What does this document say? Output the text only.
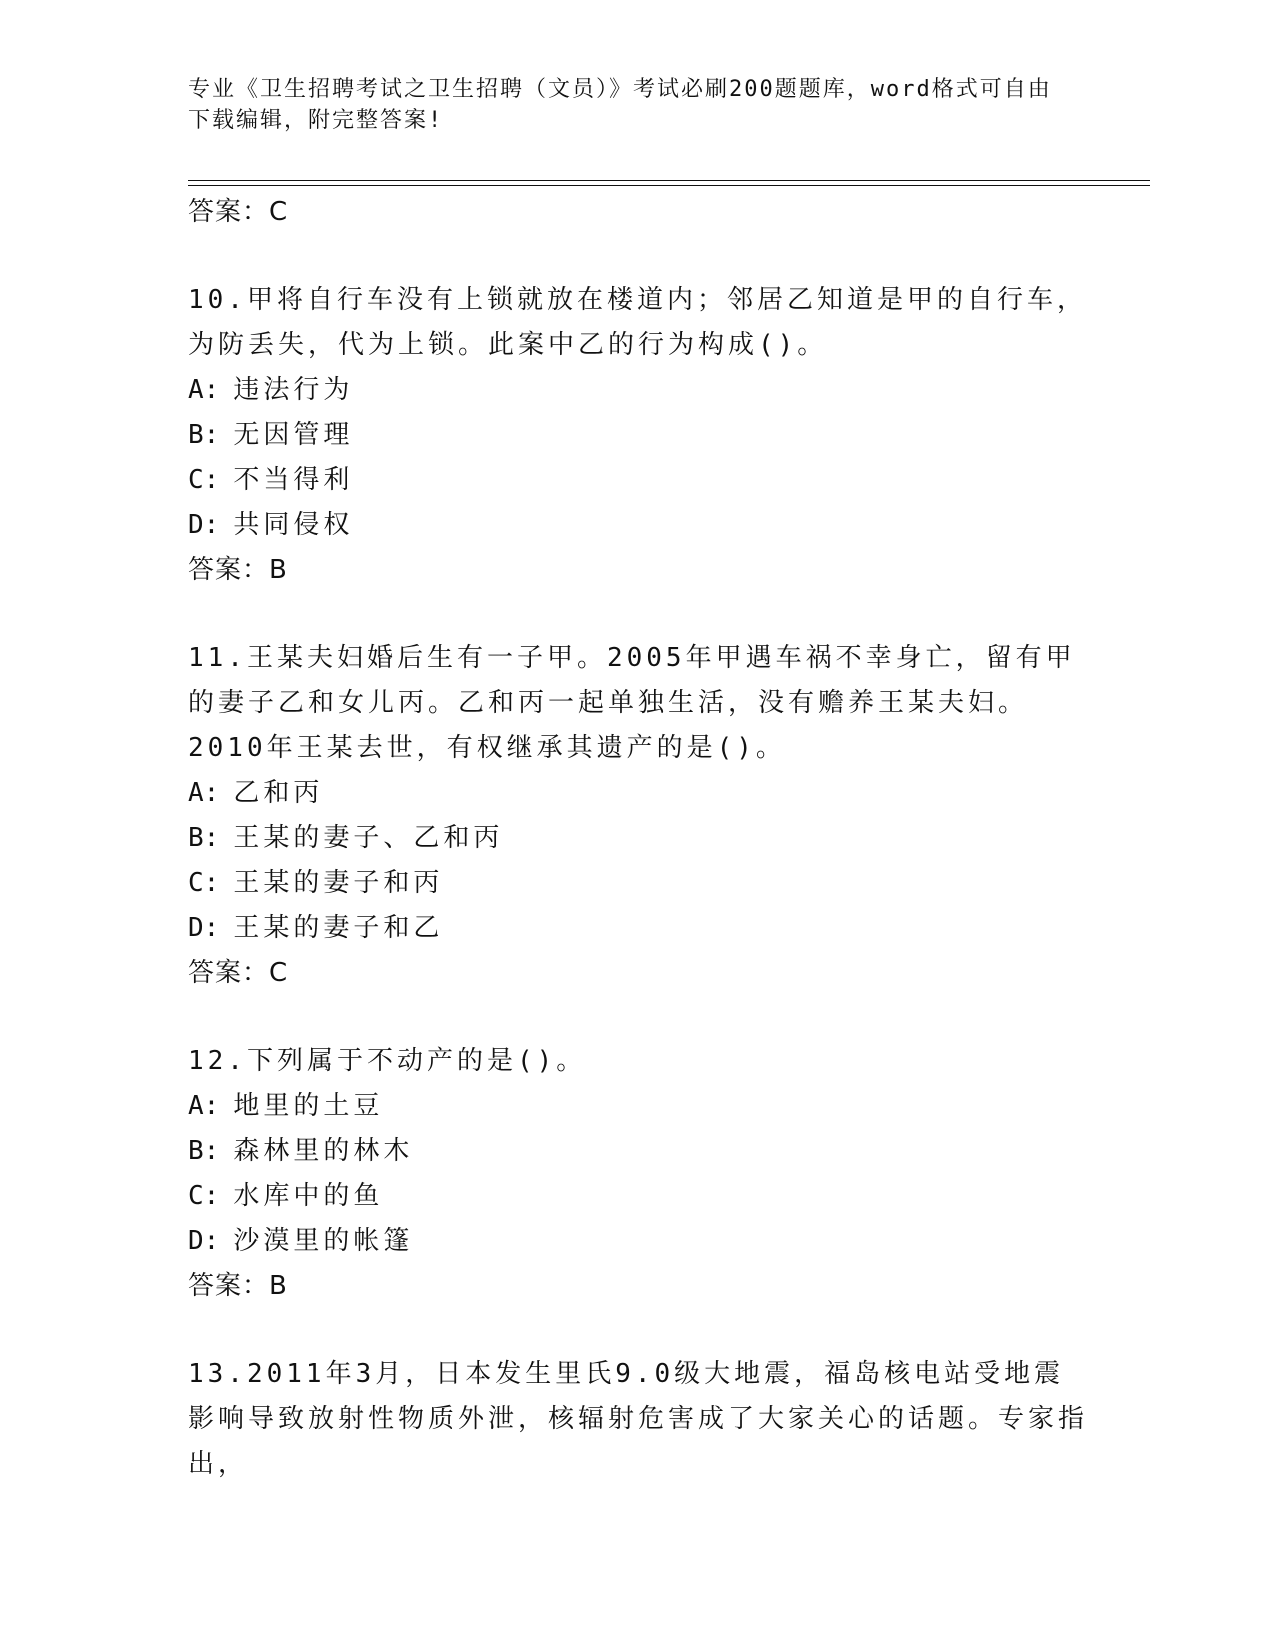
专业《卫生招聘考试之卫生招聘（文员）》考试必刷200题题库，word格式可自由下载编辑，附完整答案!
答案：C

10.甲将自行车没有上锁就放在楼道内；邻居乙知道是甲的自行车，为防丢失，代为上锁。此案中乙的行为构成()。

A: 违法行为
B: 无因管理
C: 不当得利
D: 共同侵权
答案：B

11.王某夫妇婚后生有一子甲。2005年甲遇车祸不幸身亡，留有甲的妻子乙和女儿丙。乙和丙一起单独生活，没有赡养王某夫妇。2010年王某去世，有权继承其遗产的是()。

A: 乙和丙
B: 王某的妻子、乙和丙
C: 王某的妻子和丙
D: 王某的妻子和乙
答案：C

12.下列属于不动产的是()。

A: 地里的土豆
B: 森林里的林木
C: 水库中的鱼
D: 沙漠里的帐篷
答案：B

13.2011年3月，日本发生里氏9.0级大地震，福岛核电站受地震影响导致放射性物质外泄，核辐射危害成了大家关心的话题。专家指出，
